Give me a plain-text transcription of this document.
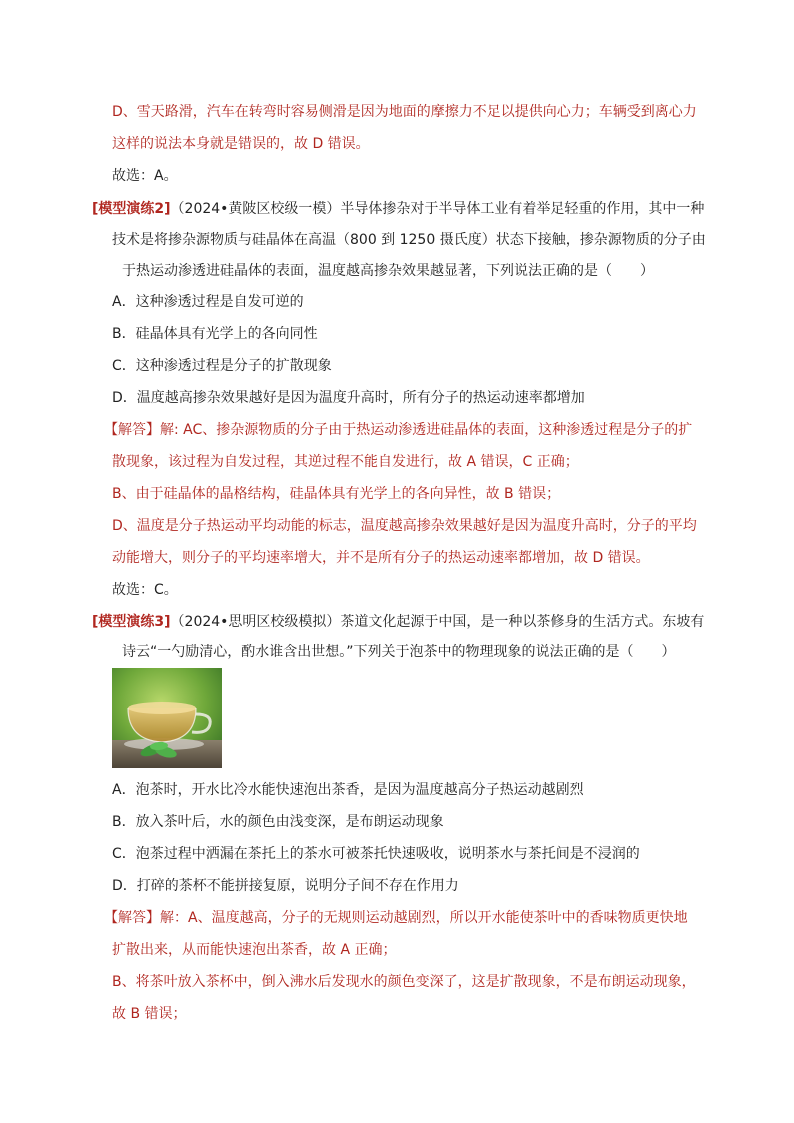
D、雪天路滑，汽车在转弯时容易侧滑是因为地面的摩擦力不足以提供向心力；车辆受到离心力
这样的说法本身就是错误的，故 D 错误。
故选：A。
[模型演练2]（2024•黄陂区校级一模）半导体掺杂对于半导体工业有着举足轻重的作用，其中一种
技术是将掺杂源物质与硅晶体在高温（800 到 1250 摄氏度）状态下接触，掺杂源物质的分子由
于热运动渗透进硅晶体的表面，温度越高掺杂效果越显著，下列说法正确的是（　　）
A．这种渗透过程是自发可逆的
B．硅晶体具有光学上的各向同性
C．这种渗透过程是分子的扩散现象
D．温度越高掺杂效果越好是因为温度升高时，所有分子的热运动速率都增加
【解答】解: AC、掺杂源物质的分子由于热运动渗透进硅晶体的表面，这种渗透过程是分子的扩
散现象，该过程为自发过程，其逆过程不能自发进行，故 A 错误，C 正确；
B、由于硅晶体的晶格结构，硅晶体具有光学上的各向异性，故 B 错误；
D、温度是分子热运动平均动能的标志，温度越高掺杂效果越好是因为温度升高时，分子的平均
动能增大，则分子的平均速率增大，并不是所有分子的热运动速率都增加，故 D 错误。
故选：C。
[模型演练3]（2024•思明区校级模拟）茶道文化起源于中国，是一种以茶修身的生活方式。东坡有
诗云“一勺励清心，酌水谁含出世想。”下列关于泡茶中的物理现象的说法正确的是（　　）
A．泡茶时，开水比冷水能快速泡出茶香，是因为温度越高分子热运动越剧烈
B．放入茶叶后，水的颜色由浅变深，是布朗运动现象
C．泡茶过程中洒漏在茶托上的茶水可被茶托快速吸收，说明茶水与茶托间是不浸润的
D．打碎的茶杯不能拼接复原，说明分子间不存在作用力
【解答】解：A、温度越高，分子的无规则运动越剧烈，所以开水能使茶叶中的香味物质更快地
扩散出来，从而能快速泡出茶香，故 A 正确；
B、将茶叶放入茶杯中，倒入沸水后发现水的颜色变深了，这是扩散现象，不是布朗运动现象，
故 B 错误；
